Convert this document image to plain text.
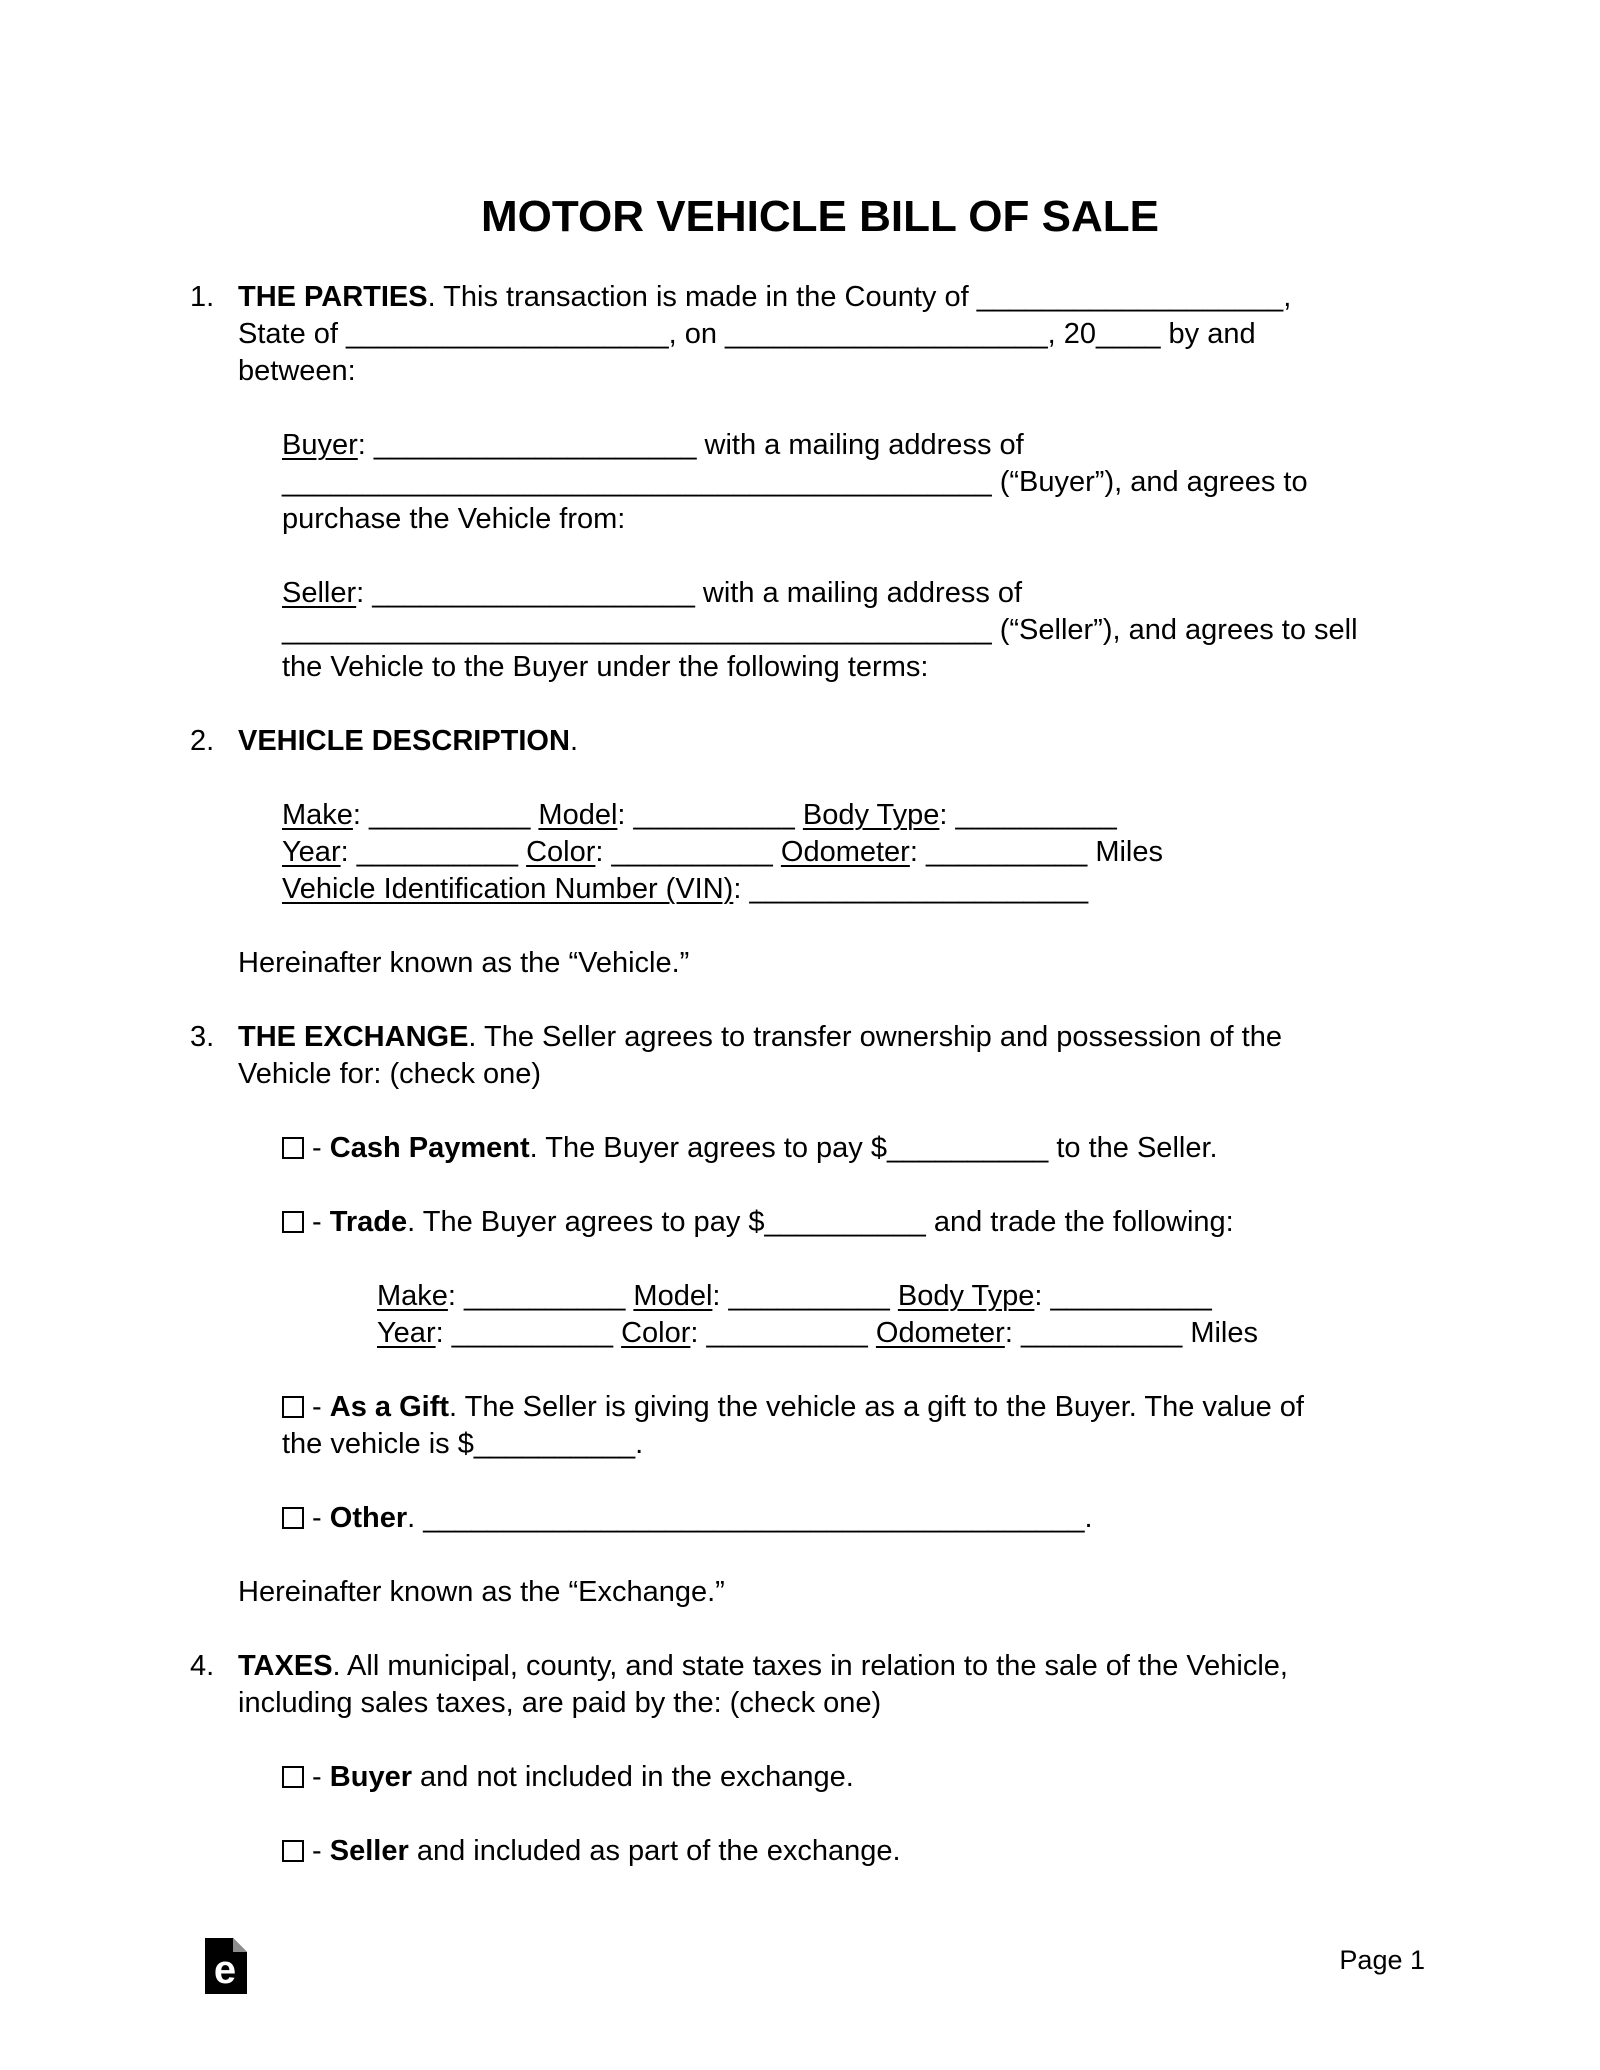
MOTOR VEHICLE BILL OF SALE
1. THE PARTIES. This transaction is made in the County of ___________________,
State of ____________________, on ____________________, 20____ by and
between:
Buyer: ____________________ with a mailing address of
____________________________________________ (“Buyer”), and agrees to
purchase the Vehicle from:
Seller: ____________________ with a mailing address of
____________________________________________ (“Seller”), and agrees to sell
the Vehicle to the Buyer under the following terms:
2. VEHICLE DESCRIPTION.
Make: __________ Model: __________ Body Type: __________
Year: __________ Color: __________ Odometer: __________ Miles
Vehicle Identification Number (VIN): _____________________
Hereinafter known as the “Vehicle.”
3. THE EXCHANGE. The Seller agrees to transfer ownership and possession of the
Vehicle for: (check one)
- Cash Payment. The Buyer agrees to pay $__________ to the Seller.
- Trade. The Buyer agrees to pay $__________ and trade the following:
Make: __________ Model: __________ Body Type: __________
Year: __________ Color: __________ Odometer: __________ Miles
- As a Gift. The Seller is giving the vehicle as a gift to the Buyer. The value of
the vehicle is $__________.
- Other. _________________________________________.
Hereinafter known as the “Exchange.”
4. TAXES. All municipal, county, and state taxes in relation to the sale of the Vehicle,
including sales taxes, are paid by the: (check one)
- Buyer and not included in the exchange.
- Seller and included as part of the exchange.
e	Page 1
